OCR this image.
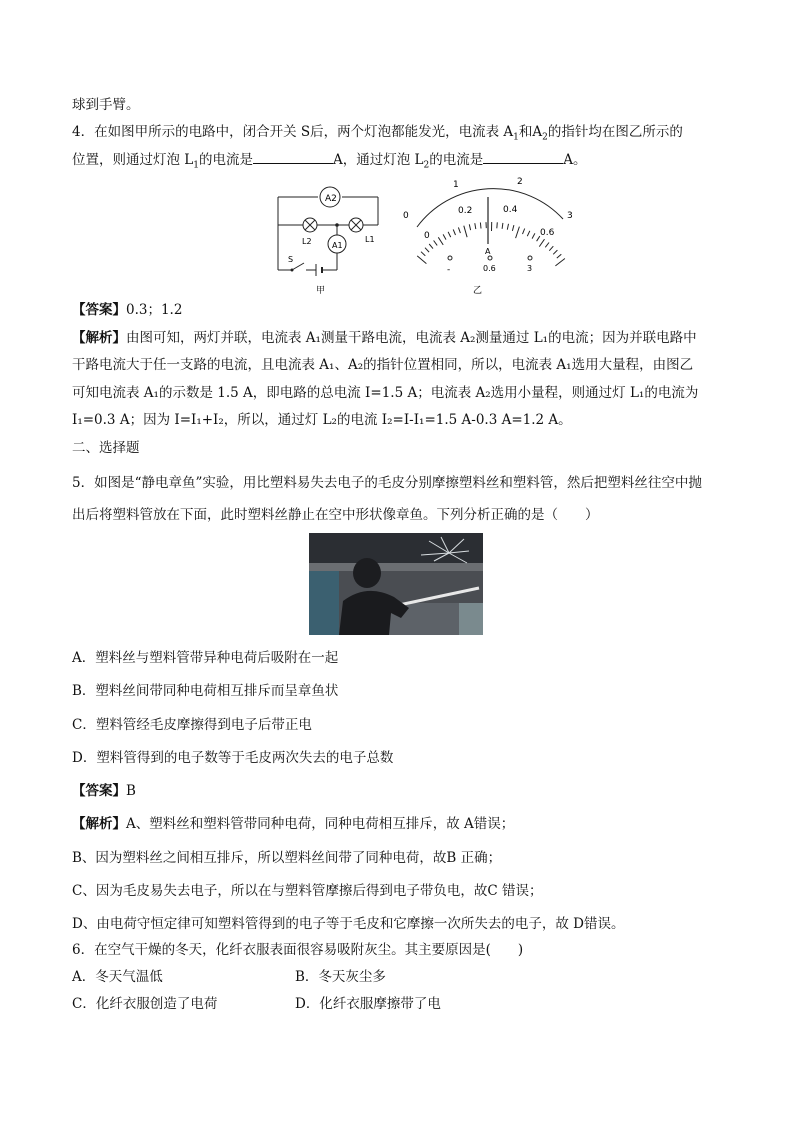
球到手臂。
4．在如图甲所示的电路中，闭合开关 S后，两个灯泡都能发光，电流表 $A_1$和$A_2$的指针均在图乙所示的
位置，则通过灯泡 $L_1$的电流是	A，通过灯泡 $L_2$的电流是	A。
A2
L2	L1
A1
S
甲
0
1	2
3
0
0.2	0.4
0.6
A
-	0.6	3
乙
【答案】0.3；1.2
【解析】由图可知，两灯并联，电流表 A₁测量干路电流，电流表 A₂测量通过 L₁的电流；因为并联电路中
干路电流大于任一支路的电流，且电流表 A₁、A₂的指针位置相同，所以，电流表 A₁选用大量程，由图乙
可知电流表 A₁的示数是 1.5 A，即电路的总电流 I=1.5 A；电流表 A₂选用小量程，则通过灯 L₁的电流为
I₁=0.3 A；因为 I=I₁+I₂，所以，通过灯 L₂的电流 I₂=I-I₁=1.5 A-0.3 A=1.2 A。
二、选择题
5．如图是“静电章鱼”实验，用比塑料易失去电子的毛皮分别摩擦塑料丝和塑料管，然后把塑料丝往空中抛
出后将塑料管放在下面，此时塑料丝静止在空中形状像章鱼。下列分析正确的是（　　）
A．塑料丝与塑料管带异种电荷后吸附在一起
B．塑料丝间带同种电荷相互排斥而呈章鱼状
C．塑料管经毛皮摩擦得到电子后带正电
D．塑料管得到的电子数等于毛皮两次失去的电子总数
【答案】B
【解析】A、塑料丝和塑料管带同种电荷，同种电荷相互排斥，故 A错误；
B、因为塑料丝之间相互排斥，所以塑料丝间带了同种电荷，故B 正确；
C、因为毛皮易失去电子，所以在与塑料管摩擦后得到电子带负电，故C 错误；
D、由电荷守恒定律可知塑料管得到的电子等于毛皮和它摩擦一次所失去的电子，故 D错误。
6．在空气干燥的冬天，化纤衣服表面很容易吸附灰尘。其主要原因是(　　)
A．冬天气温低	B．冬天灰尘多
C．化纤衣服创造了电荷	D．化纤衣服摩擦带了电
